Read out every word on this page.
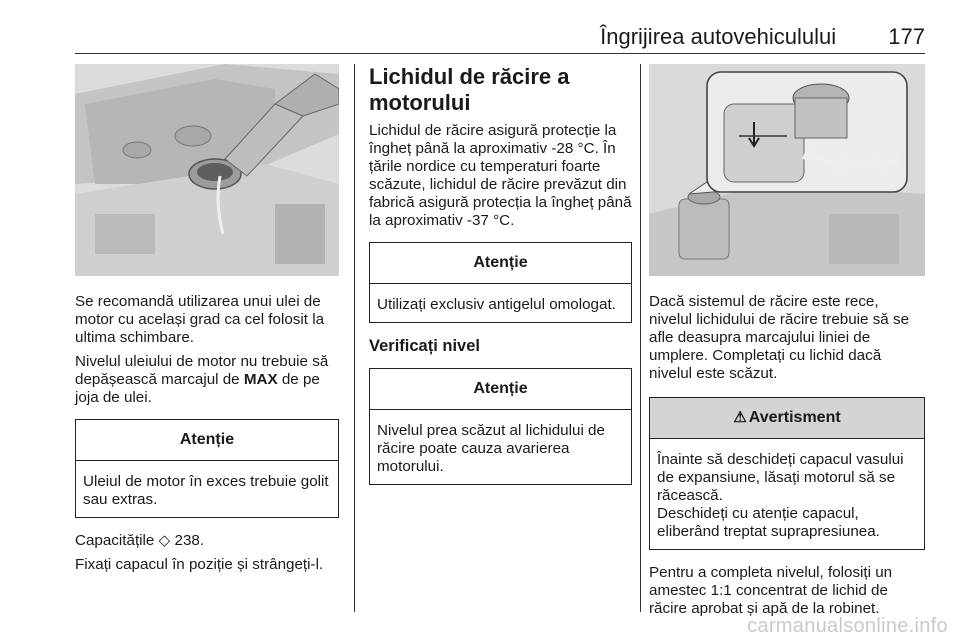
Îngrijirea autovehiculului 177

Se recomandă utilizarea unui ulei de motor cu același grad ca cel folosit la ultima schimbare.

Nivelul uleiului de motor nu trebuie să depășească marcajul de MAX de pe joja de ulei.

Atenție
Uleiul de motor în exces trebuie golit sau extras.

Capacitățile ◇ 238.

Fixați capacul în poziție și strângeți-l.

Lichidul de răcire a motorului

Lichidul de răcire asigură protecție la îngheț până la aproximativ -28 °C. În țările nordice cu temperaturi foarte scăzute, lichidul de răcire prevăzut din fabrică asigură protecția la îngheț până la aproximativ -37 °C.

Atenție
Utilizați exclusiv antigelul omologat.
Verificați nivel
Atenție
Nivelul prea scăzut al lichidului de răcire poate cauza avarierea motorului.

Dacă sistemul de răcire este rece, nivelul lichidului de răcire trebuie să se afle deasupra marcajului liniei de umplere. Completați cu lichid dacă nivelul este scăzut.

⚠ Avertisment
Înainte să deschideți capacul vasului de expansiune, lăsați motorul să se răcească.
Deschideți cu atenție capacul, eliberând treptat suprapresiunea.

Pentru a completa nivelul, folosiți un amestec 1:1 concentrat de lichid de răcire aprobat și apă de la robinet.

carmanualsonline.info
